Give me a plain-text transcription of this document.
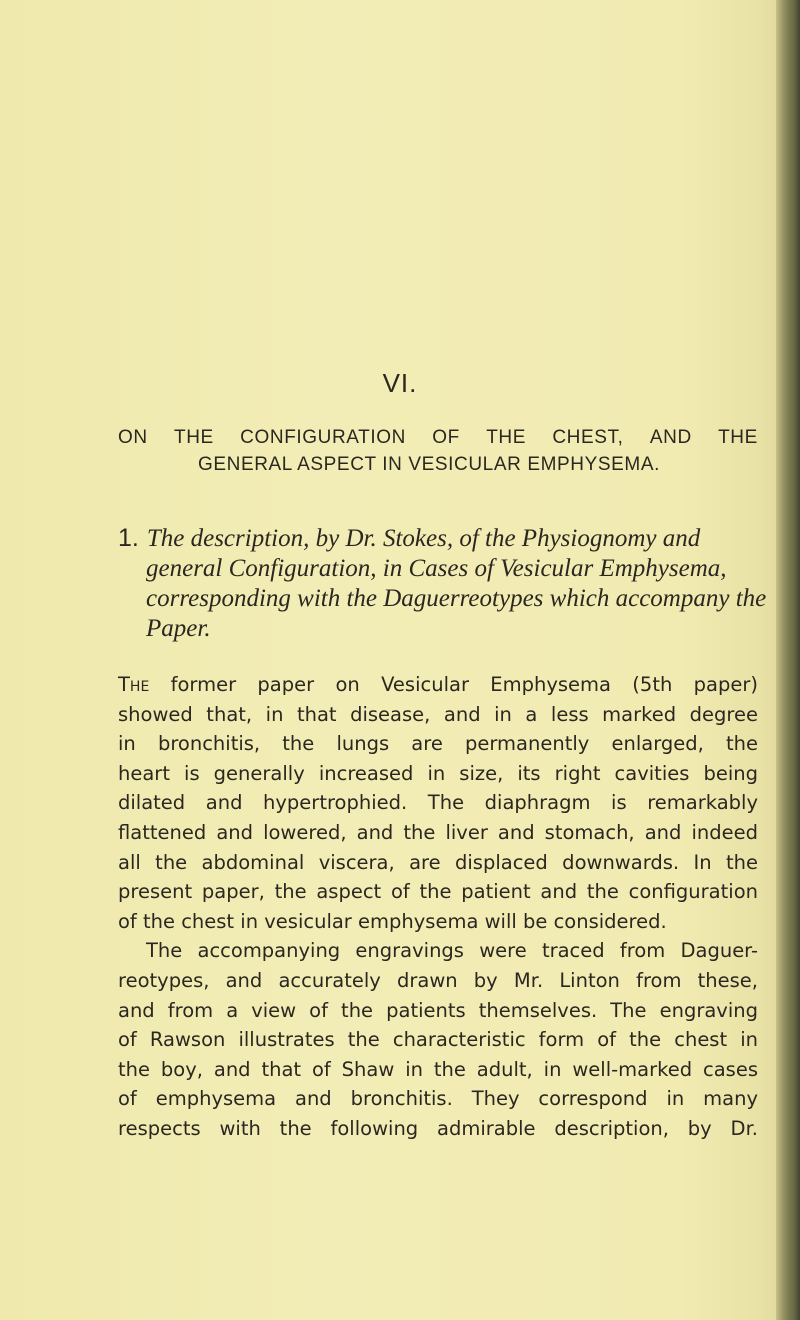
VI.
ON THE CONFIGURATION OF THE CHEST, AND THE
GENERAL ASPECT IN VESICULAR EMPHYSEMA.
1. The description, by Dr. Stokes, of the Physiognomy and
general Configuration, in Cases of Vesicular Emphysema,
corresponding with the Daguerreotypes which accompany the
Paper.
The former paper on Vesicular Emphysema (5th paper)
showed that, in that disease, and in a less marked degree
in bronchitis, the lungs are permanently enlarged, the
heart is generally increased in size, its right cavities being
dilated and hypertrophied. The diaphragm is remarkably
flattened and lowered, and the liver and stomach, and indeed
all the abdominal viscera, are displaced downwards. In the
present paper, the aspect of the patient and the configuration
of the chest in vesicular emphysema will be considered.
The accompanying engravings were traced from Daguer-
reotypes, and accurately drawn by Mr. Linton from these,
and from a view of the patients themselves. The engraving
of Rawson illustrates the characteristic form of the chest in
the boy, and that of Shaw in the adult, in well-marked cases
of emphysema and bronchitis. They correspond in many
respects with the following admirable description, by Dr.
